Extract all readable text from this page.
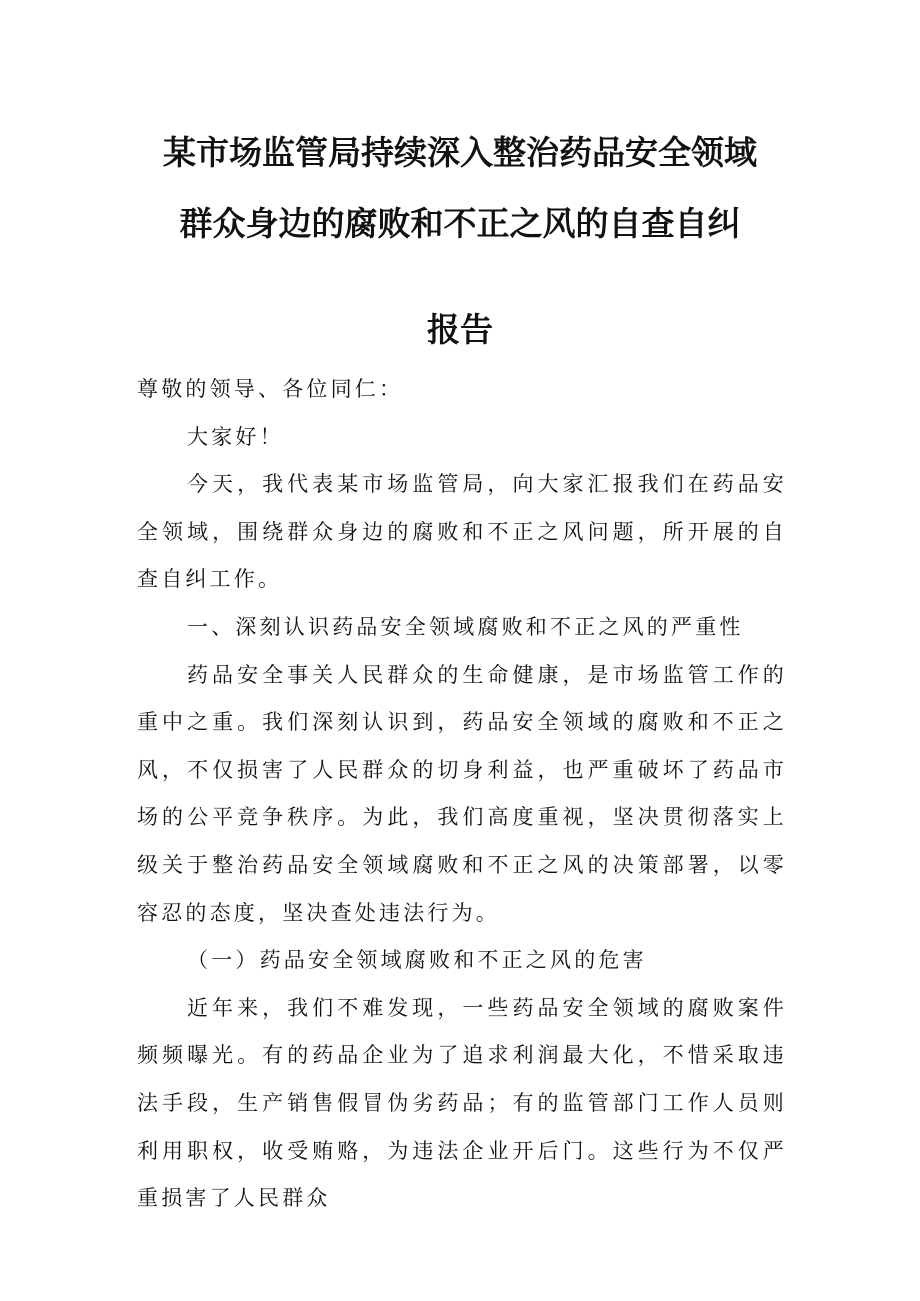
某市场监管局持续深入整治药品安全领域
群众身边的腐败和不正之风的自查自纠
报告

尊敬的领导、各位同仁：

大家好！

今天，我代表某市场监管局，向大家汇报我们在药品安全领域，围绕群众身边的腐败和不正之风问题，所开展的自查自纠工作。

一、深刻认识药品安全领域腐败和不正之风的严重性

药品安全事关人民群众的生命健康，是市场监管工作的重中之重。我们深刻认识到，药品安全领域的腐败和不正之风，不仅损害了人民群众的切身利益，也严重破坏了药品市场的公平竞争秩序。为此，我们高度重视，坚决贯彻落实上级关于整治药品安全领域腐败和不正之风的决策部署，以零容忍的态度，坚决查处违法行为。

（一）药品安全领域腐败和不正之风的危害

近年来，我们不难发现，一些药品安全领域的腐败案件频频曝光。有的药品企业为了追求利润最大化，不惜采取违法手段，生产销售假冒伪劣药品；有的监管部门工作人员则利用职权，收受贿赂，为违法企业开后门。这些行为不仅严重损害了人民群众
